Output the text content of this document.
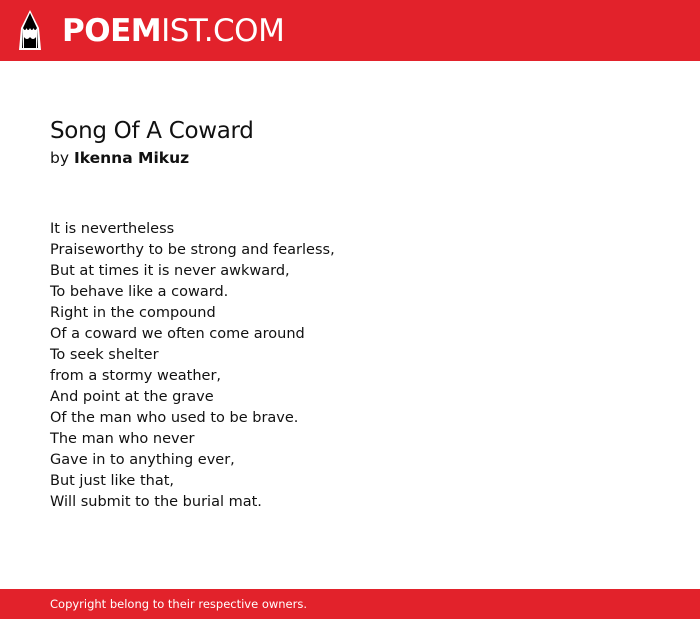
POEMIST.COM
Song Of A Coward
by Ikenna Mikuz
It is nevertheless
Praiseworthy to be strong and fearless,
But at times it is never awkward,
To behave like a coward.
Right in the compound
Of a coward we often come around
To seek shelter
from a stormy weather,
And point at the grave
Of the man who used to be brave.
The man who never
Gave in to anything ever,
But just like that,
Will submit to the burial mat.
Copyright belong to their respective owners.
